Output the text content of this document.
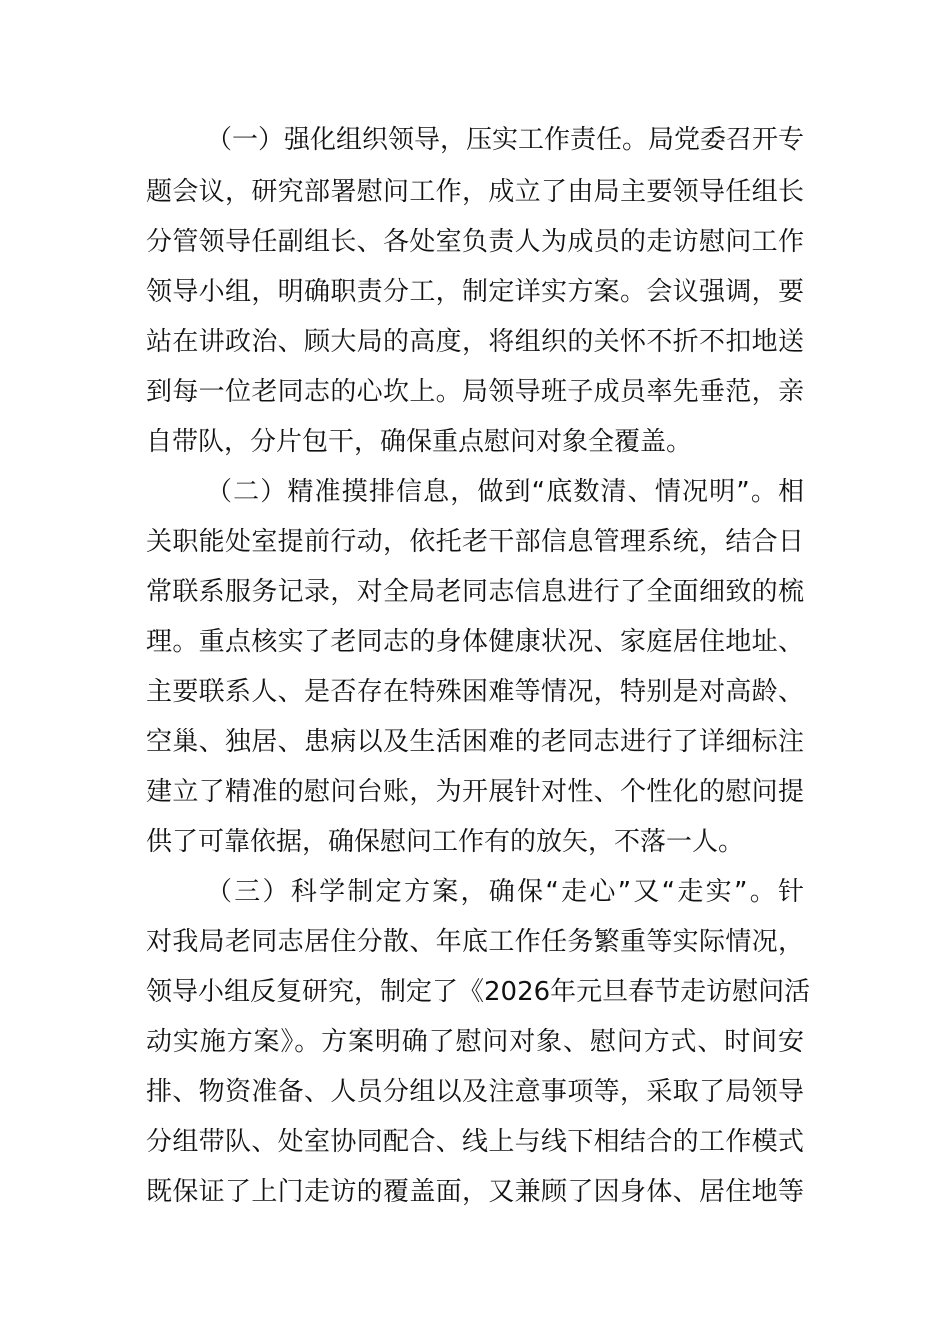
（一）强化组织领导，压实工作责任。局党委召开专
题会议，研究部署慰问工作，成立了由局主要领导任组长
分管领导任副组长、各处室负责人为成员的走访慰问工作
领导小组，明确职责分工，制定详实方案。会议强调，要
站在讲政治、顾大局的高度，将组织的关怀不折不扣地送
到每一位老同志的心坎上。局领导班子成员率先垂范，亲
自带队，分片包干，确保重点慰问对象全覆盖。
（二）精准摸排信息，做到“底数清、情况明”。相
关职能处室提前行动，依托老干部信息管理系统，结合日
常联系服务记录，对全局老同志信息进行了全面细致的梳
理。重点核实了老同志的身体健康状况、家庭居住地址、
主要联系人、是否存在特殊困难等情况，特别是对高龄、
空巢、独居、患病以及生活困难的老同志进行了详细标注
建立了精准的慰问台账，为开展针对性、个性化的慰问提
供了可靠依据，确保慰问工作有的放矢，不落一人。
（三）科学制定方案，确保“走心”又“走实”。针
对我局老同志居住分散、年底工作任务繁重等实际情况，
领导小组反复研究，制定了《2026年元旦春节走访慰问活
动实施方案》。方案明确了慰问对象、慰问方式、时间安
排、物资准备、人员分组以及注意事项等，采取了局领导
分组带队、处室协同配合、线上与线下相结合的工作模式
既保证了上门走访的覆盖面，又兼顾了因身体、居住地等
